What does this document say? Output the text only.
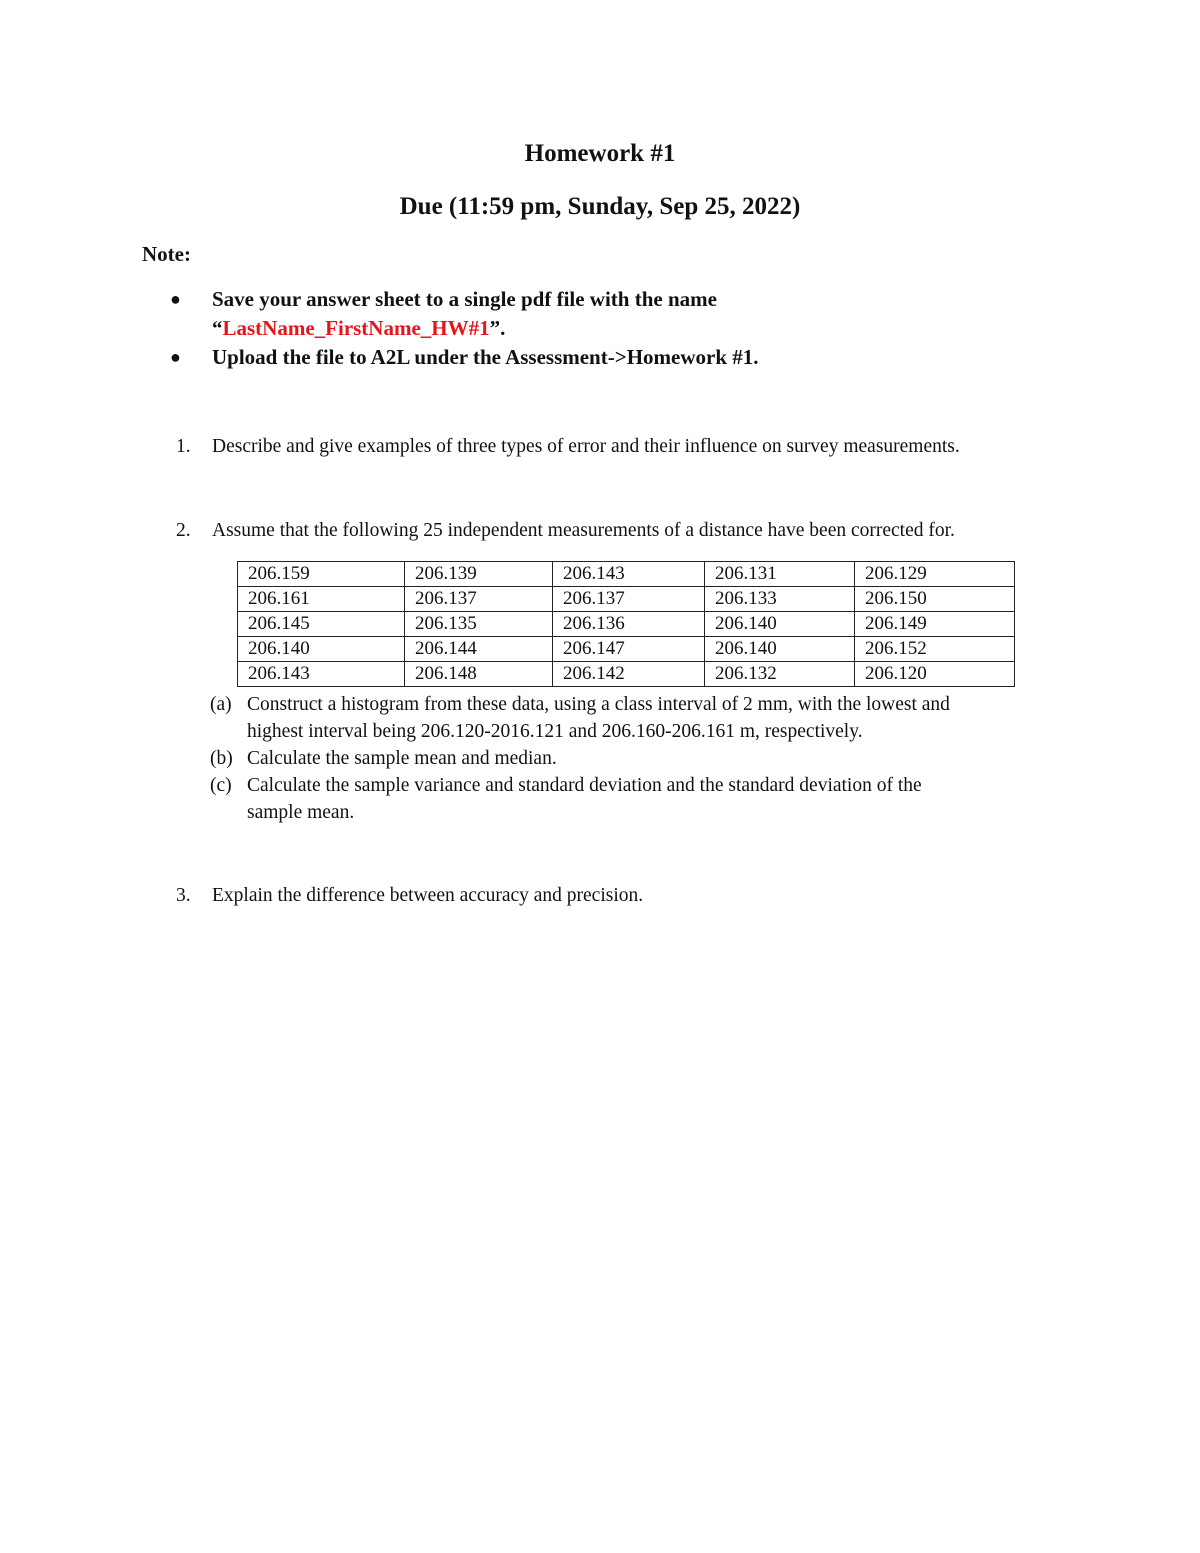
Homework #1
Due (11:59 pm, Sunday, Sep 25, 2022)
Note:
●	Save your answer sheet to a single pdf file with the name
“LastName_FirstName_HW#1”.
●	Upload the file to A2L under the Assessment->Homework #1.
1.	Describe and give examples of three types of error and their influence on survey measurements.
2.	Assume that the following 25 independent measurements of a distance have been corrected for.
206.159	206.139	206.143	206.131	206.129
206.161	206.137	206.137	206.133	206.150
206.145	206.135	206.136	206.140	206.149
206.140	206.144	206.147	206.140	206.152
206.143	206.148	206.142	206.132	206.120
(a) Construct a histogram from these data, using a class interval of 2 mm, with the lowest and
highest interval being 206.120-2016.121 and 206.160-206.161 m, respectively.
(b) Calculate the sample mean and median.
(c) Calculate the sample variance and standard deviation and the standard deviation of the
sample mean.
3.	Explain the difference between accuracy and precision.
